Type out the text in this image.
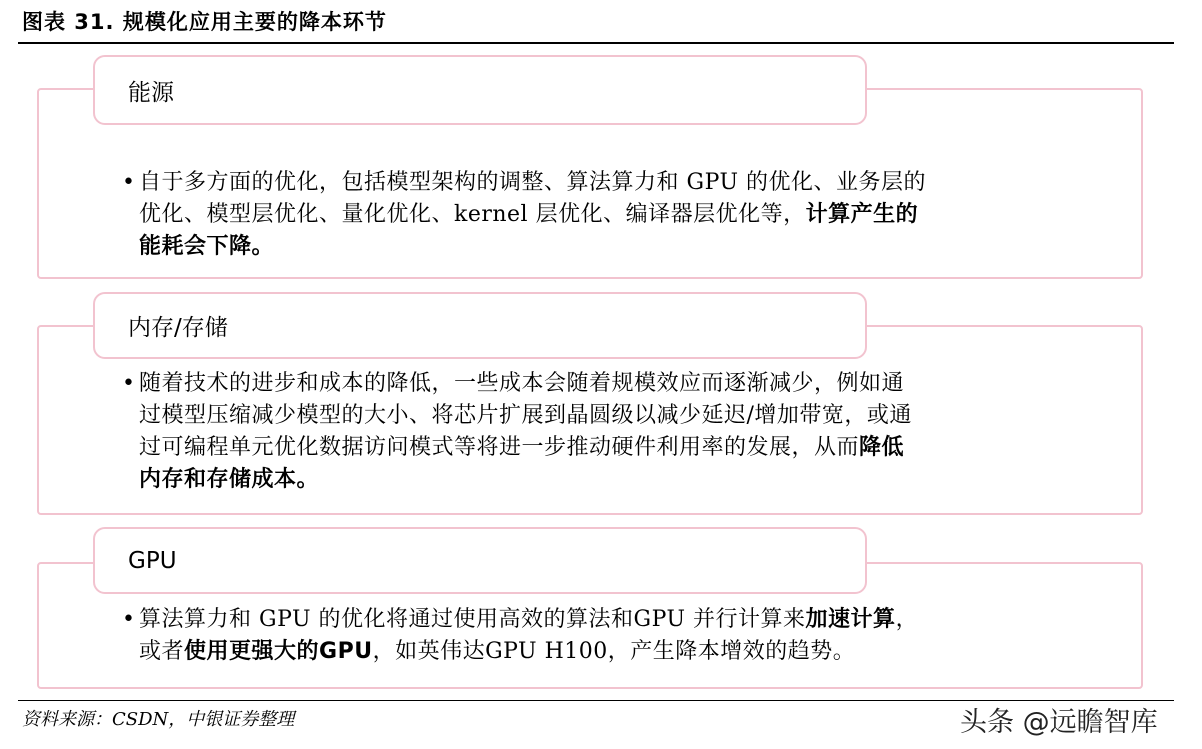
图表 31. 规模化应用主要的降本环节
能源
• 自于多方面的优化，包括模型架构的调整、算法算力和 GPU 的优化、业务层的
优化、模型层优化、量化优化、kernel 层优化、编译器层优化等，计算产生的
能耗会下降。
内存/存储
• 随着技术的进步和成本的降低，一些成本会随着规模效应而逐渐减少，例如通
过模型压缩减少模型的大小、将芯片扩展到晶圆级以减少延迟/增加带宽，或通
过可编程单元优化数据访问模式等将进一步推动硬件利用率的发展，从而降低
内存和存储成本。
GPU
• 算法算力和 GPU 的优化将通过使用高效的算法和GPU 并行计算来加速计算，
或者使用更强大的GPU，如英伟达GPU H100，产生降本增效的趋势。
资料来源：CSDN，中银证券整理	头条 @远瞻智库
